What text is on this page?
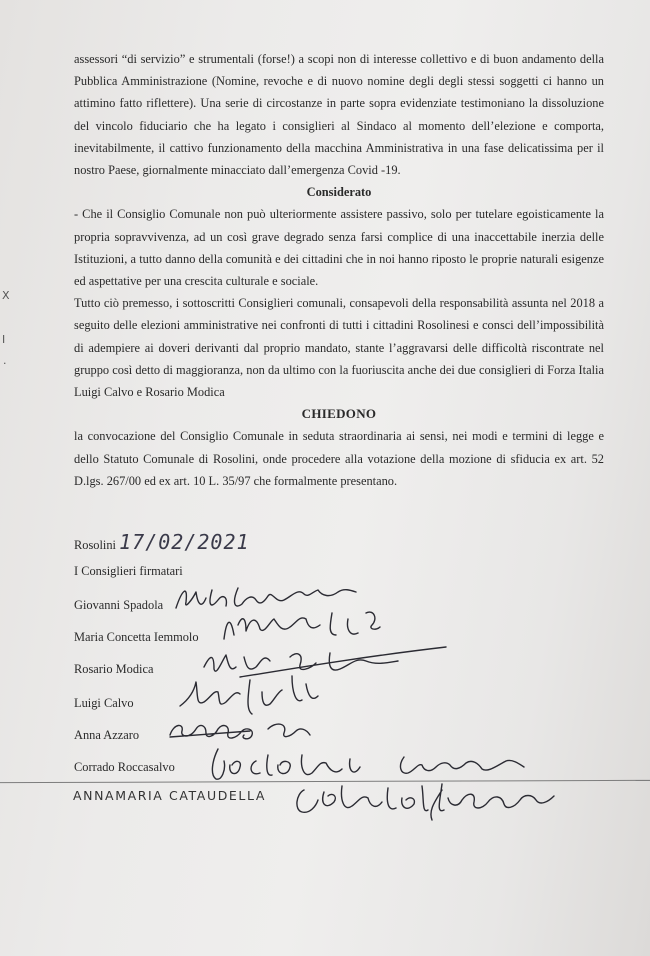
X
I
·

assessori “di servizio” e strumentali (forse!) a scopi non di interesse collettivo e di buon andamento della Pubblica Amministrazione (Nomine, revoche e di nuovo nomine degli degli stessi soggetti ci hanno un attimino fatto riflettere). Una serie di circostanze in parte sopra evidenziate testimoniano la dissoluzione del vincolo fiduciario che ha legato i consiglieri al Sindaco al momento dell’elezione e comporta, inevitabilmente, il cattivo funzionamento della macchina Amministrativa in una fase delicatissima per il nostro Paese, giornalmente minacciato dall’emergenza Covid -19.

Considerato

- Che il Consiglio Comunale non può ulteriormente assistere passivo, solo per tutelare egoisticamente la propria sopravvivenza, ad un così grave degrado senza farsi complice di una inaccettabile inerzia delle Istituzioni, a tutto danno della comunità e dei cittadini che in noi hanno riposto le proprie naturali esigenze ed aspettative per una crescita culturale e sociale.

Tutto ciò premesso, i sottoscritti Consiglieri comunali, consapevoli della responsabilità assunta nel 2018 a seguito delle elezioni amministrative nei confronti di tutti i cittadini Rosolinesi e consci dell’impossibilità di adempiere ai doveri derivanti dal proprio mandato, stante l’aggravarsi delle difficoltà riscontrate nel gruppo così detto di maggioranza, non da ultimo con la fuoriuscita anche dei due consiglieri di Forza Italia Luigi Calvo e Rosario Modica

CHIEDONO

la convocazione del Consiglio Comunale in seduta straordinaria ai sensi, nei modi e termini di legge e dello Statuto Comunale di Rosolini, onde procedere alla votazione della mozione di sfiducia ex art. 52 D.lgs. 267/00 ed ex art. 10 L. 35/97 che formalmente presentano.

Rosolini 17/02/2021
I Consiglieri firmatari
Giovanni Spadola
Maria Concetta Iemmolo
Rosario Modica
Luigi Calvo
Anna Azzaro
Corrado Roccasalvo
ANNAMARIA CATAUDELLA
